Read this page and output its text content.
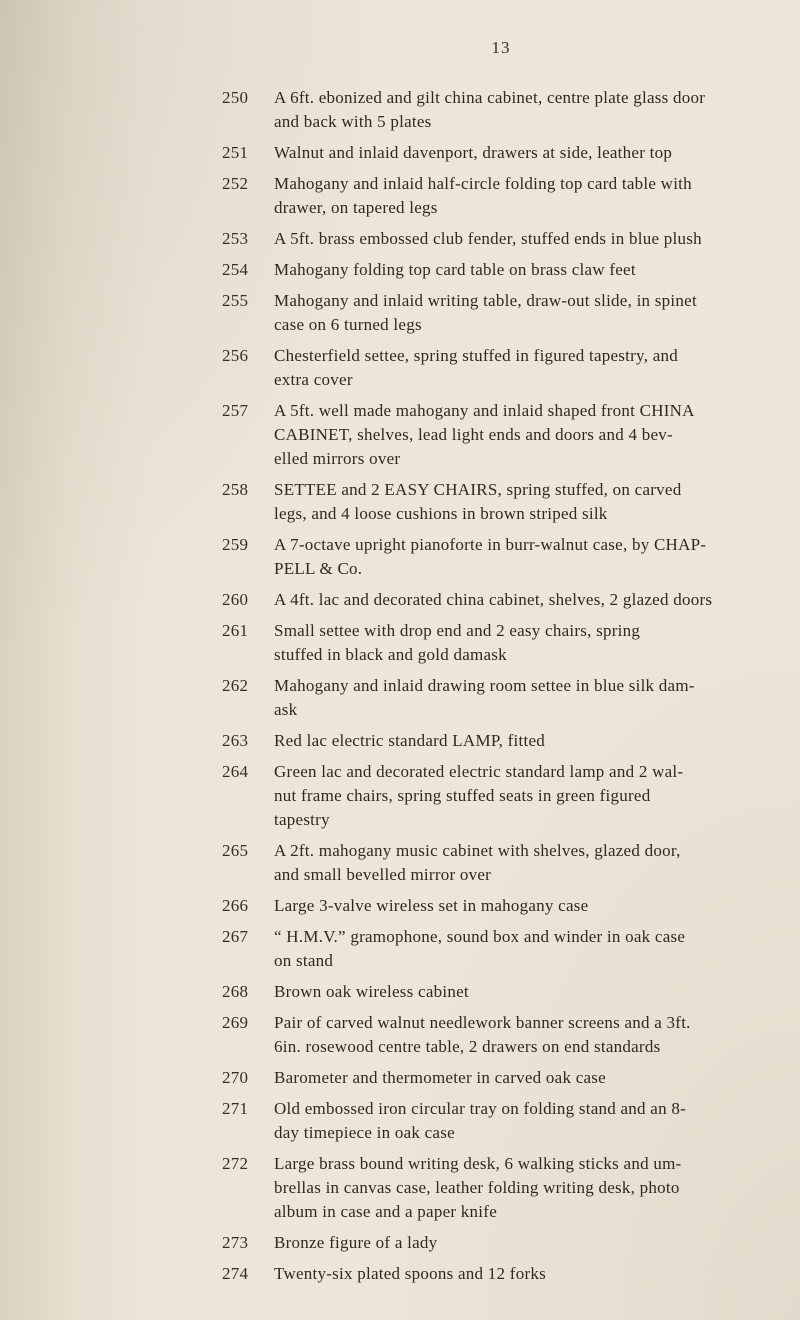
13
250	A 6ft. ebonized and gilt china cabinet, centre plate glass door
and back with 5 plates
251	Walnut and inlaid davenport, drawers at side, leather top
252	Mahogany and inlaid half-circle folding top card table with
drawer, on tapered legs
253	A 5ft. brass embossed club fender, stuffed ends in blue plush
254	Mahogany folding top card table on brass claw feet
255	Mahogany and inlaid writing table, draw-out slide, in spinet
case on 6 turned legs
256	Chesterfield settee, spring stuffed in figured tapestry, and
extra cover
257	A 5ft. well made mahogany and inlaid shaped front CHINA
CABINET, shelves, lead light ends and doors and 4 bev-
elled mirrors over
258	SETTEE and 2 EASY CHAIRS, spring stuffed, on carved
legs, and 4 loose cushions in brown striped silk
259	A 7-octave upright pianoforte in burr-walnut case, by CHAP-
PELL & Co.
260	A 4ft. lac and decorated china cabinet, shelves, 2 glazed doors
261	Small settee with drop end and 2 easy chairs, spring
stuffed in black and gold damask
262	Mahogany and inlaid drawing room settee in blue silk dam-
ask
263	Red lac electric standard LAMP, fitted
264	Green lac and decorated electric standard lamp and 2 wal-
nut frame chairs, spring stuffed seats in green figured
tapestry
265	A 2ft. mahogany music cabinet with shelves, glazed door,
and small bevelled mirror over
266	Large 3-valve wireless set in mahogany case
267	“ H.M.V.” gramophone, sound box and winder in oak case
on stand
268	Brown oak wireless cabinet
269	Pair of carved walnut needlework banner screens and a 3ft.
6in. rosewood centre table, 2 drawers on end standards
270	Barometer and thermometer in carved oak case
271	Old embossed iron circular tray on folding stand and an 8-
day timepiece in oak case
272	Large brass bound writing desk, 6 walking sticks and um-
brellas in canvas case, leather folding writing desk, photo
album in case and a paper knife
273	Bronze figure of a lady
274	Twenty-six plated spoons and 12 forks
